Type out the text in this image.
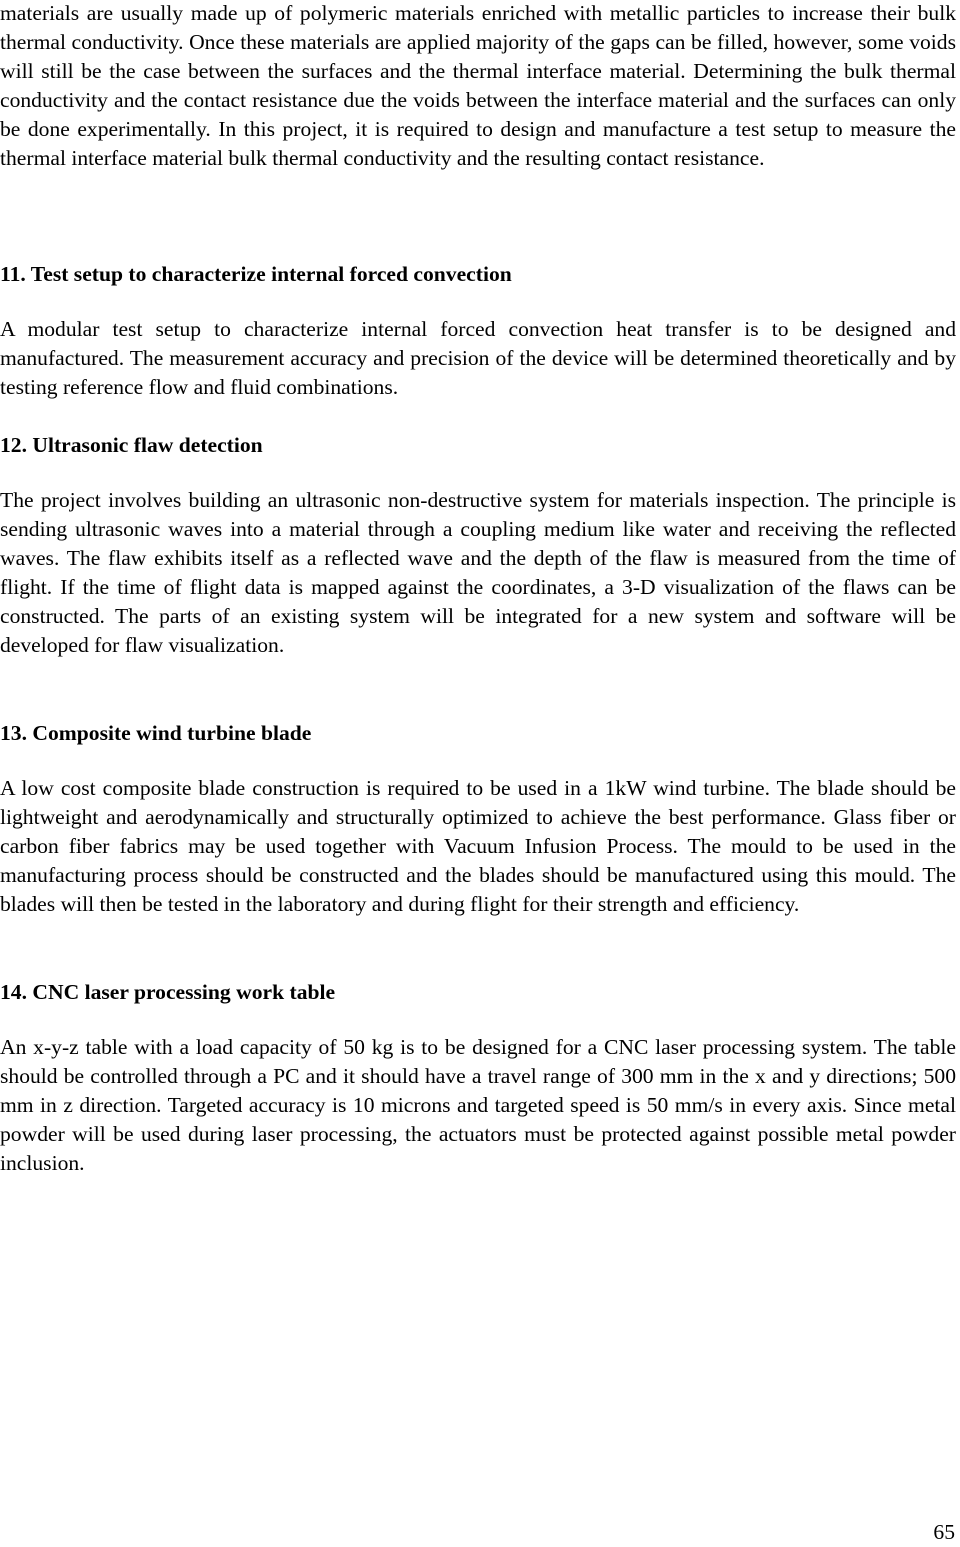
materials are usually made up of polymeric materials enriched with metallic particles to increase their bulk thermal conductivity. Once these materials are applied majority of the gaps can be filled, however, some voids will still be the case between the surfaces and the thermal interface material. Determining the bulk thermal conductivity and the contact resistance due the voids between the interface material and the surfaces can only be done experimentally. In this project, it is required to design and manufacture a test setup to measure the thermal interface material bulk thermal conductivity and the resulting contact resistance.

11. Test setup to characterize internal forced convection

A modular test setup to characterize internal forced convection heat transfer is to be designed and manufactured. The measurement accuracy and precision of the device will be determined theoretically and by testing reference flow and fluid combinations.

12. Ultrasonic flaw detection

The project involves building an ultrasonic non-destructive system for materials inspection. The principle is sending ultrasonic waves into a material through a coupling medium like water and receiving the reflected waves. The flaw exhibits itself as a reflected wave and the depth of the flaw is measured from the time of flight. If the time of flight data is mapped against the coordinates, a 3-D visualization of the flaws can be constructed. The parts of an existing system will be integrated for a new system and software will be developed for flaw visualization.

13. Composite wind turbine blade

A low cost composite blade construction is required to be used in a 1kW wind turbine. The blade should be lightweight and aerodynamically and structurally optimized to achieve the best performance. Glass fiber or carbon fiber fabrics may be used together with Vacuum Infusion Process. The mould to be used in the manufacturing process should be constructed and the blades should be manufactured using this mould. The blades will then be tested in the laboratory and during flight for their strength and efficiency.

14. CNC laser processing work table

An x-y-z table with a load capacity of 50 kg is to be designed for a CNC laser processing system. The table should be controlled through a PC and it should have a travel range of 300 mm in the x and y directions; 500 mm in z direction. Targeted accuracy is 10 microns and targeted speed is 50 mm/s in every axis. Since metal powder will be used during laser processing, the actuators must be protected against possible metal powder inclusion.

65
